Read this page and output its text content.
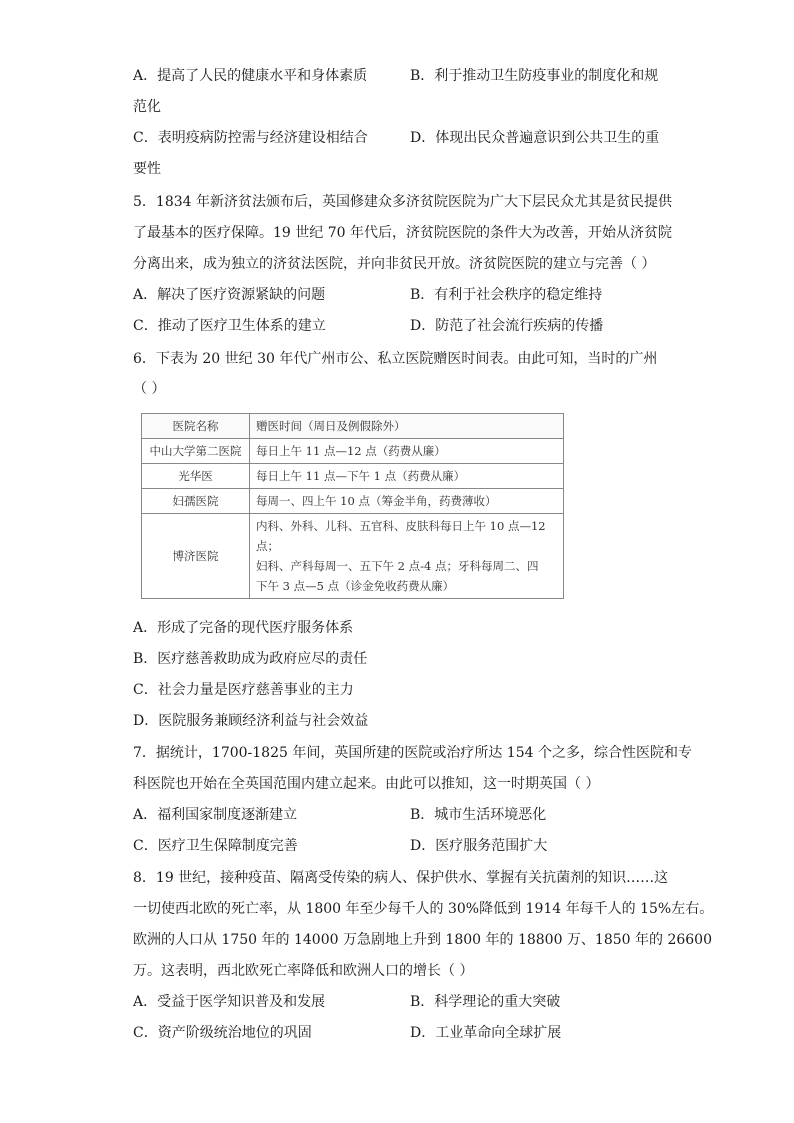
A．提高了人民的健康水平和身体素质	B．利于推动卫生防疫事业的制度化和规
范化
C．表明疫病防控需与经济建设相结合	D．体现出民众普遍意识到公共卫生的重
要性
5．1834 年新济贫法颁布后，英国修建众多济贫院医院为广大下层民众尤其是贫民提供
了最基本的医疗保障。19 世纪 70 年代后，济贫院医院的条件大为改善，开始从济贫院
分离出来，成为独立的济贫法医院，并向非贫民开放。济贫院医院的建立与完善（ ）
A．解决了医疗资源紧缺的问题	B．有利于社会秩序的稳定维持
C．推动了医疗卫生体系的建立	D．防范了社会流行疾病的传播
6．下表为 20 世纪 30 年代广州市公、私立医院赠医时间表。由此可知，当时的广州
（ ）
医院名称	赠医时间（周日及例假除外）
中山大学第二医院	每日上午 11 点—12 点（药费从廉）
光华医	每日上午 11 点—下午 1 点（药费从廉）
妇孺医院	每周一、四上午 10 点（筹金半角，药费薄收）
博济医院	内科、外科、儿科、五官科、皮肤科每日上午 10 点—12 点；
妇科、产科每周一、五下午 2 点-4 点；牙科每周二、四
下午 3 点—5 点（诊金免收药费从廉）
A．形成了完备的现代医疗服务体系
B．医疗慈善救助成为政府应尽的责任
C．社会力量是医疗慈善事业的主力
D．医院服务兼顾经济利益与社会效益
7．据统计，1700-1825 年间，英国所建的医院或治疗所达 154 个之多，综合性医院和专
科医院也开始在全英国范围内建立起来。由此可以推知，这一时期英国（ ）
A．福利国家制度逐渐建立	B．城市生活环境恶化
C．医疗卫生保障制度完善	D．医疗服务范围扩大
8．19 世纪，接种疫苗、隔离受传染的病人、保护供水、掌握有关抗菌剂的知识……这
一切使西北欧的死亡率，从 1800 年至少每千人的 30%降低到 1914 年每千人的 15%左右。
欧洲的人口从 1750 年的 14000 万急剧地上升到 1800 年的 18800 万、1850 年的 26600
万。这表明，西北欧死亡率降低和欧洲人口的增长（ ）
A．受益于医学知识普及和发展	B．科学理论的重大突破
C．资产阶级统治地位的巩固	D．工业革命向全球扩展
